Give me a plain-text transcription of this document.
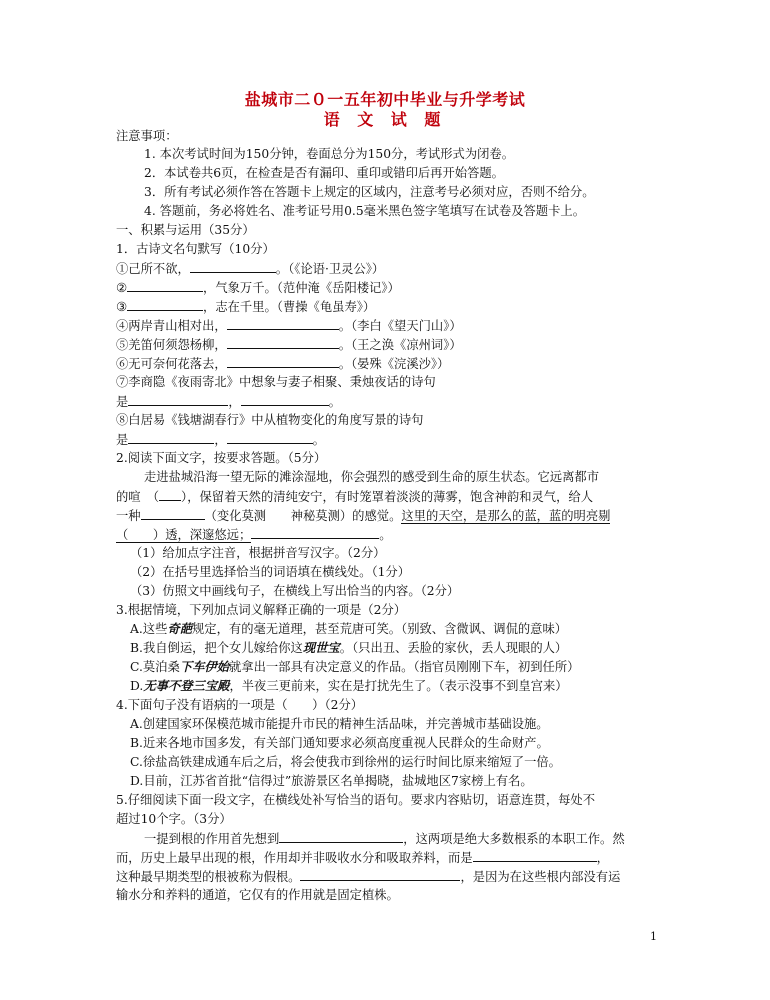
盐城市二０一五年初中毕业与升学考试
语 文 试 题
注意事项：
1. 本次考试时间为150分钟，卷面总分为150分，考试形式为闭卷。
2．本试卷共6页，在检查是否有漏印、重印或错印后再开始答题。
3．所有考试必须作答在答题卡上规定的区域内，注意考号必须对应，否则不给分。
4. 答题前，务必将姓名、准考证号用0.5毫米黑色签字笔填写在试卷及答题卡上。
一、积累与运用（35分）
1．古诗文名句默写（10分）
①己所不欲，	。（《论语·卫灵公》）
②	，气象万千。（范仲淹《岳阳楼记》）
③	，志在千里。（曹操《龟虽寿》）
④两岸青山相对出，	。（李白《望天门山》）
⑤羌笛何须怨杨柳，	。（王之涣《凉州词》）
⑥无可奈何花落去，	。（晏殊《浣溪沙》）
⑦李商隐《夜雨寄北》中想象与妻子相聚、秉烛夜话的诗句
是	，	。
⑧白居易《钱塘湖春行》中从植物变化的角度写景的诗句
是	，	。
2.阅读下面文字，按要求答题。（5分）
走进盐城沿海一望无际的滩涂湿地，你会强烈的感受到生命的原生状态。它远离都市
的喧　（ ），保留着天然的清纯安宁，有时笼罩着淡淡的薄雾，饱含神韵和灵气，给人
一种	（变化莫测　　神秘莫测）的感觉。这里的天空，是那么的蓝，蓝的明亮剔
（　　）透，深邃悠远；	。
（1）给加点字注音，根据拼音写汉字。（2分）
（2）在括号里选择恰当的词语填在横线处。（1分）
（3）仿照文中画线句子，在横线上写出恰当的内容。（2分）
3.根据情境，下列加点词义解释正确的一项是（2分）
A.这些奇葩规定，有的毫无道理，甚至荒唐可笑。（别致、含微讽、调侃的意味）
B.我自倒运，把个女儿嫁给你这现世宝。（只出丑、丢脸的家伙，丢人现眼的人）
C.莫泊桑下车伊始就拿出一部具有决定意义的作品。（指官员刚刚下车，初到任所）
D.无事不登三宝殿，半夜三更前来，实在是打扰先生了。（表示没事不到皇宫来）
4.下面句子没有语病的一项是（　　）（2分）
A.创建国家环保模范城市能提升市民的精神生活品味，并完善城市基础设施。
B.近来各地市国多发，有关部门通知要求必须高度重视人民群众的生命财产。
C.徐盐高铁建成通车后之后，将会使我市到徐州的运行时间比原来缩短了一倍。
D.目前，江苏省首批“信得过”旅游景区名单揭晓，盐城地区7家榜上有名。
5.仔细阅读下面一段文字，在横线处补写恰当的语句。要求内容贴切，语意连贯，每处不
超过10个字。（3分）
一提到根的作用首先想到	，这两项是绝大多数根系的本职工作。然
而，历史上最早出现的根，作用却并非吸收水分和吸取养料，而是	，
这种最早期类型的根被称为假根。	，是因为在这些根内部没有运
输水分和养料的通道，它仅有的作用就是固定植株。
1
